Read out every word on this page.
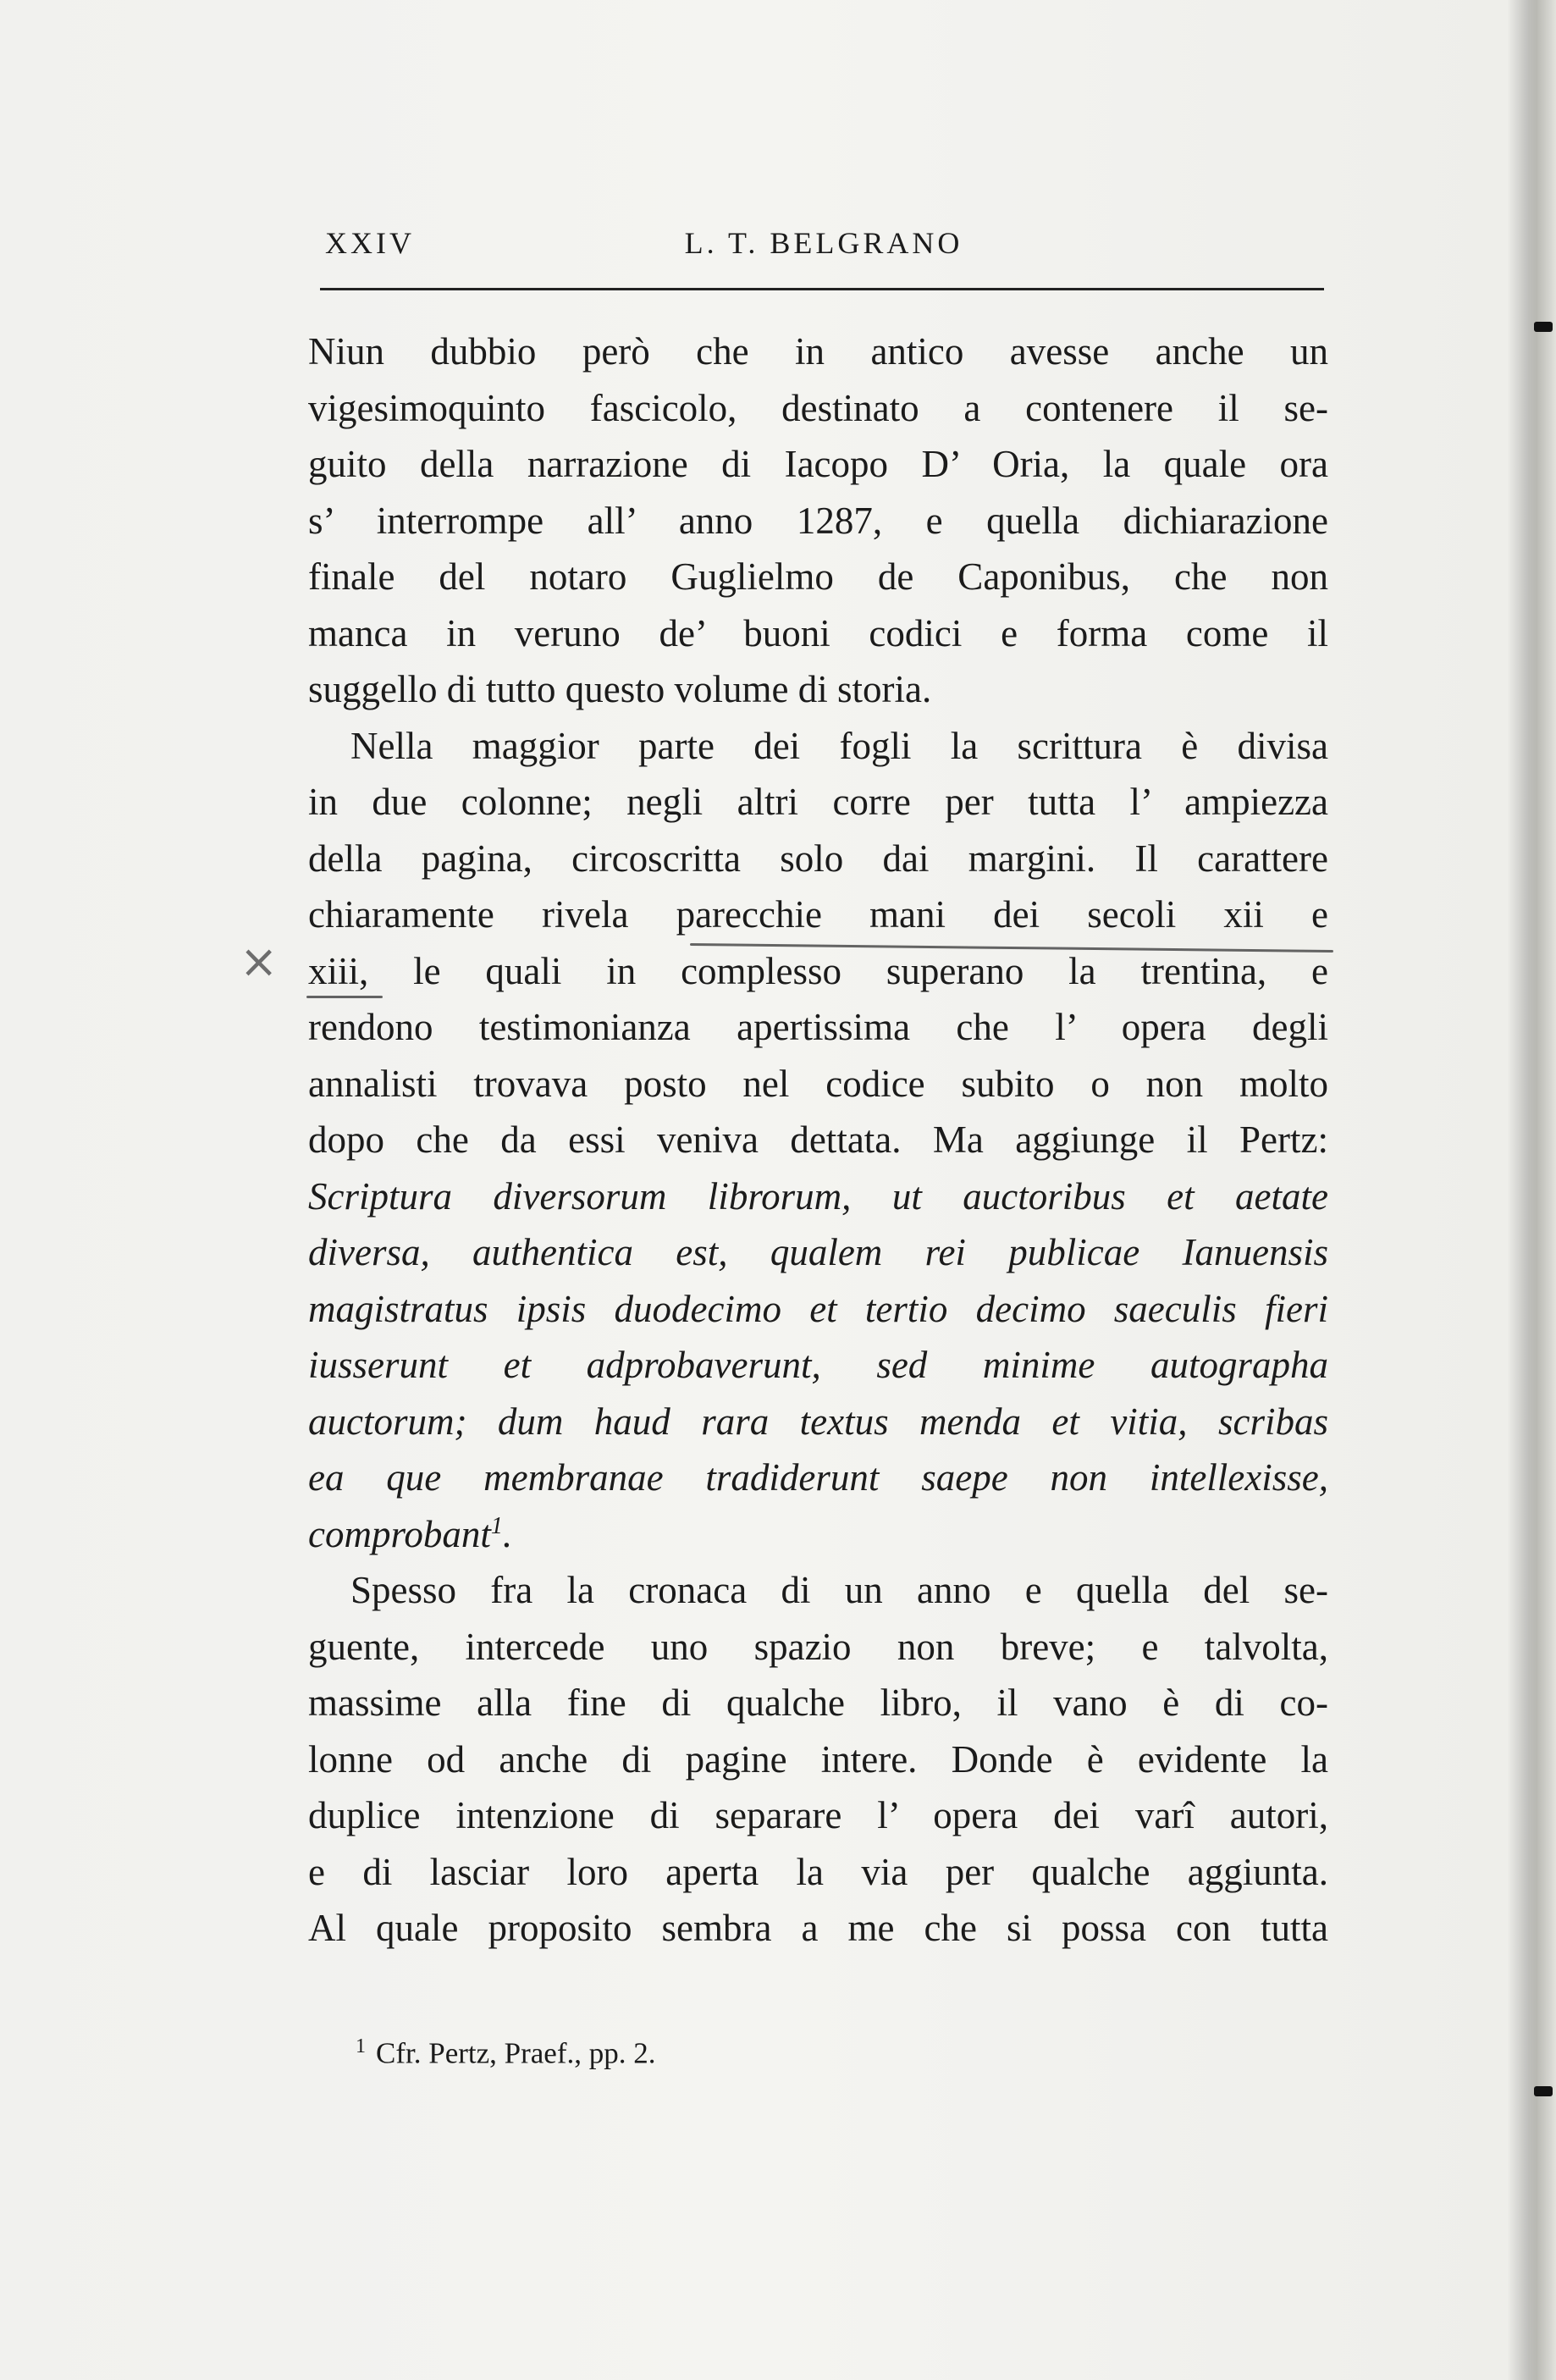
XXIV	L. T. BELGRANO
Niun dubbio però che in antico avesse anche un
vigesimoquinto fascicolo, destinato a contenere il se-
guito della narrazione di Iacopo D’ Oria, la quale ora
s’ interrompe all’ anno 1287, e quella dichiarazione
finale del notaro Guglielmo de Caponibus, che non
manca in veruno de’ buoni codici e forma come il
suggello di tutto questo volume di storia.
Nella maggior parte dei fogli la scrittura è divisa
in due colonne; negli altri corre per tutta l’ ampiezza
della pagina, circoscritta solo dai margini. Il carattere
chiaramente rivela parecchie mani dei secoli xii e
xiii, le quali in complesso superano la trentina, e
rendono testimonianza apertissima che l’ opera degli
annalisti trovava posto nel codice subito o non molto
dopo che da essi veniva dettata. Ma aggiunge il Pertz:
Scriptura diversorum librorum, ut auctoribus et aetate
diversa, authentica est, qualem rei publicae Ianuensis
magistratus ipsis duodecimo et tertio decimo saeculis fieri
iusserunt et adprobaverunt, sed minime autographa
auctorum; dum haud rara textus menda et vitia, scribas
ea que membranae tradiderunt saepe non intellexisse,
comprobant$^1$.
Spesso fra la cronaca di un anno e quella del se-
guente, intercede uno spazio non breve; e talvolta,
massime alla fine di qualche libro, il vano è di co-
lonne od anche di pagine intere. Donde è evidente la
duplice intenzione di separare l’ opera dei varî autori,
e di lasciar loro aperta la via per qualche aggiunta.
Al quale proposito sembra a me che si possa con tutta
×
$^1$ Cfr. Pertz, Praef., pp. 2.
